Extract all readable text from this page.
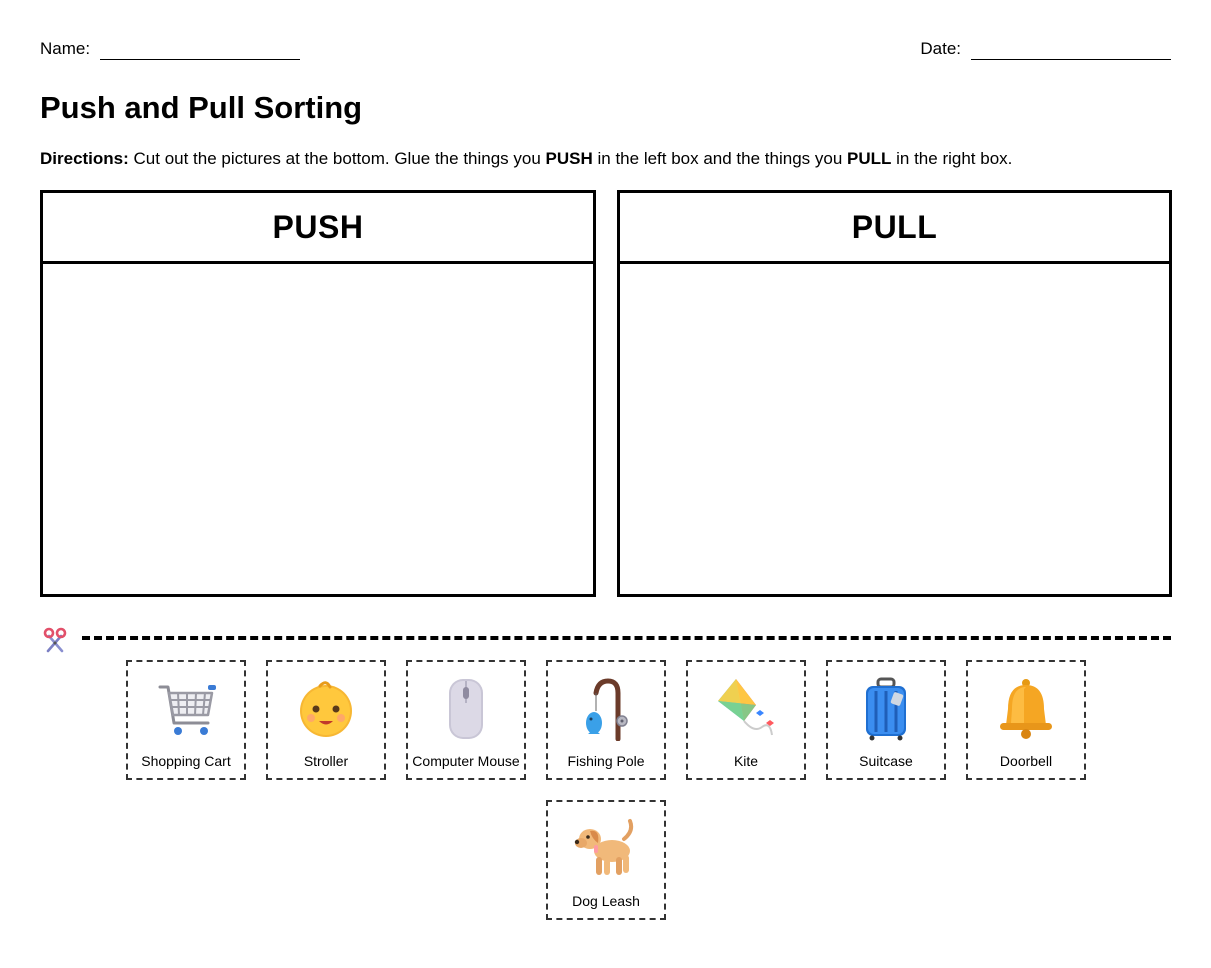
Name:	Date:
Push and Pull Sorting

Directions: Cut out the pictures at the bottom. Glue the things you PUSH in the left box and the things you PULL in the right box.

PUSH	PULL
Shopping Cart	Stroller	Computer Mouse	Fishing Pole	Kite	Suitcase	Doorbell
Dog Leash
